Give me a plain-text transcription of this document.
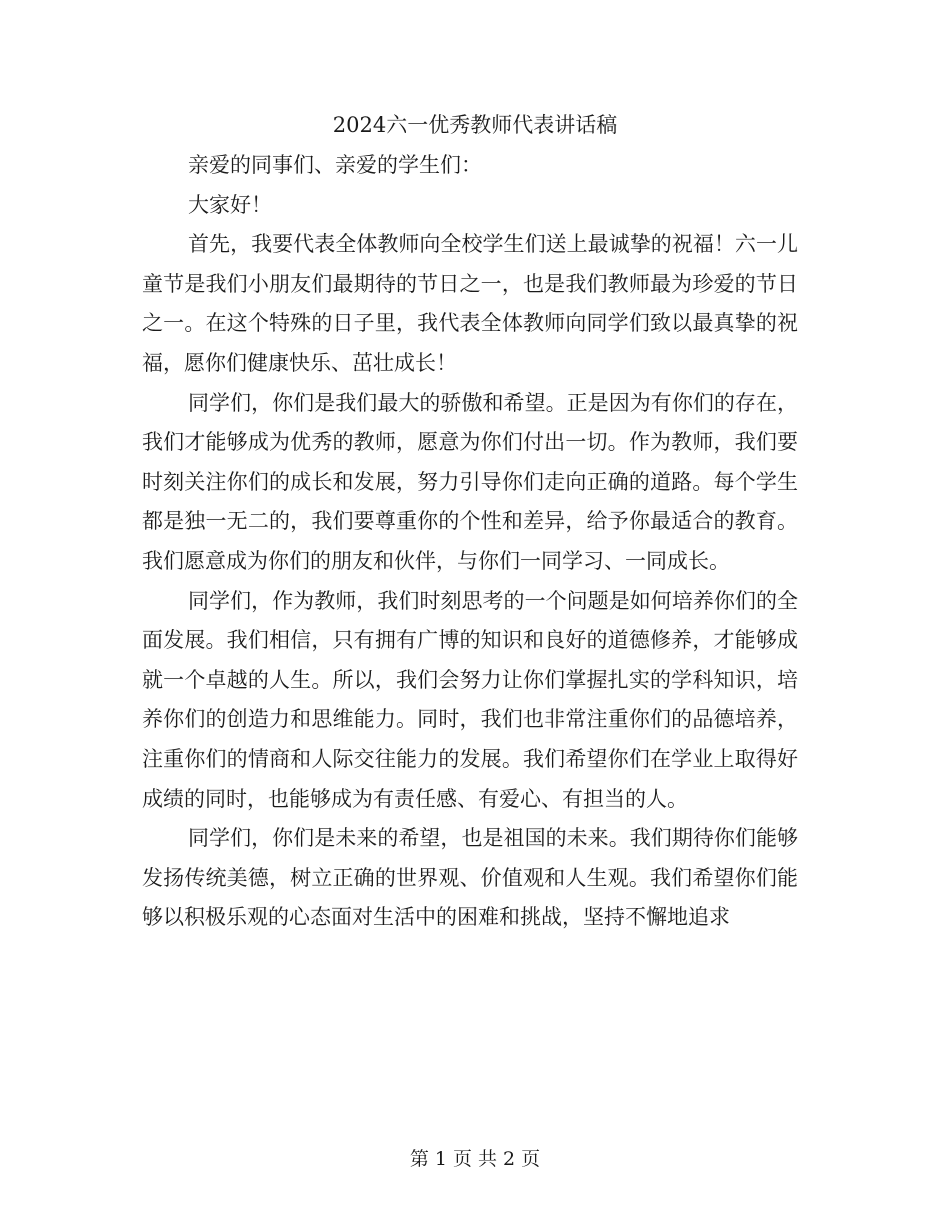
2024六一优秀教师代表讲话稿

亲爱的同事们、亲爱的学生们：

大家好！

首先，我要代表全体教师向全校学生们送上最诚挚的祝福！六一儿童节是我们小朋友们最期待的节日之一，也是我们教师最为珍爱的节日之一。在这个特殊的日子里，我代表全体教师向同学们致以最真挚的祝福，愿你们健康快乐、茁壮成长！

同学们，你们是我们最大的骄傲和希望。正是因为有你们的存在，我们才能够成为优秀的教师，愿意为你们付出一切。作为教师，我们要时刻关注你们的成长和发展，努力引导你们走向正确的道路。每个学生都是独一无二的，我们要尊重你的个性和差异，给予你最适合的教育。我们愿意成为你们的朋友和伙伴，与你们一同学习、一同成长。

同学们，作为教师，我们时刻思考的一个问题是如何培养你们的全面发展。我们相信，只有拥有广博的知识和良好的道德修养，才能够成就一个卓越的人生。所以，我们会努力让你们掌握扎实的学科知识，培养你们的创造力和思维能力。同时，我们也非常注重你们的品德培养，注重你们的情商和人际交往能力的发展。我们希望你们在学业上取得好成绩的同时，也能够成为有责任感、有爱心、有担当的人。

同学们，你们是未来的希望，也是祖国的未来。我们期待你们能够发扬传统美德，树立正确的世界观、价值观和人生观。我们希望你们能够以积极乐观的心态面对生活中的困难和挑战，坚持不懈地追求

第 1 页 共 2 页
